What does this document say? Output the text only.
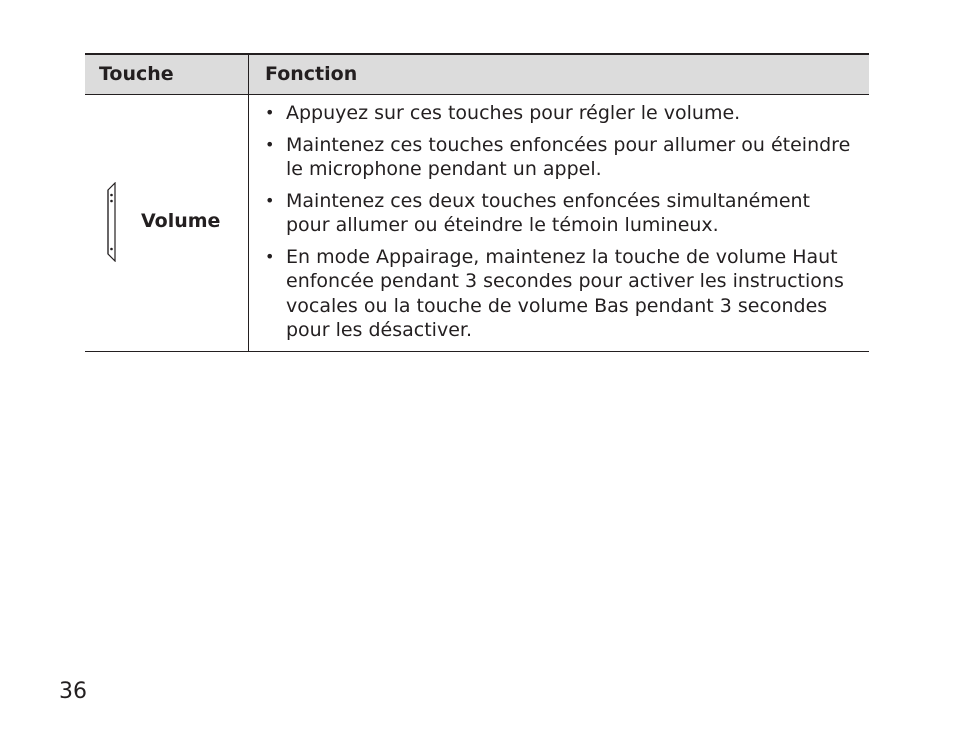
Touche	Fonction
Volume
• Appuyez sur ces touches pour régler le volume.
• Maintenez ces touches enfoncées pour allumer ou éteindre le microphone pendant un appel.
• Maintenez ces deux touches enfoncées simultanément pour allumer ou éteindre le témoin lumineux.
• En mode Appairage, maintenez la touche de volume Haut enfoncée pendant 3 secondes pour activer les instructions vocales ou la touche de volume Bas pendant 3 secondes pour les désactiver.
36
